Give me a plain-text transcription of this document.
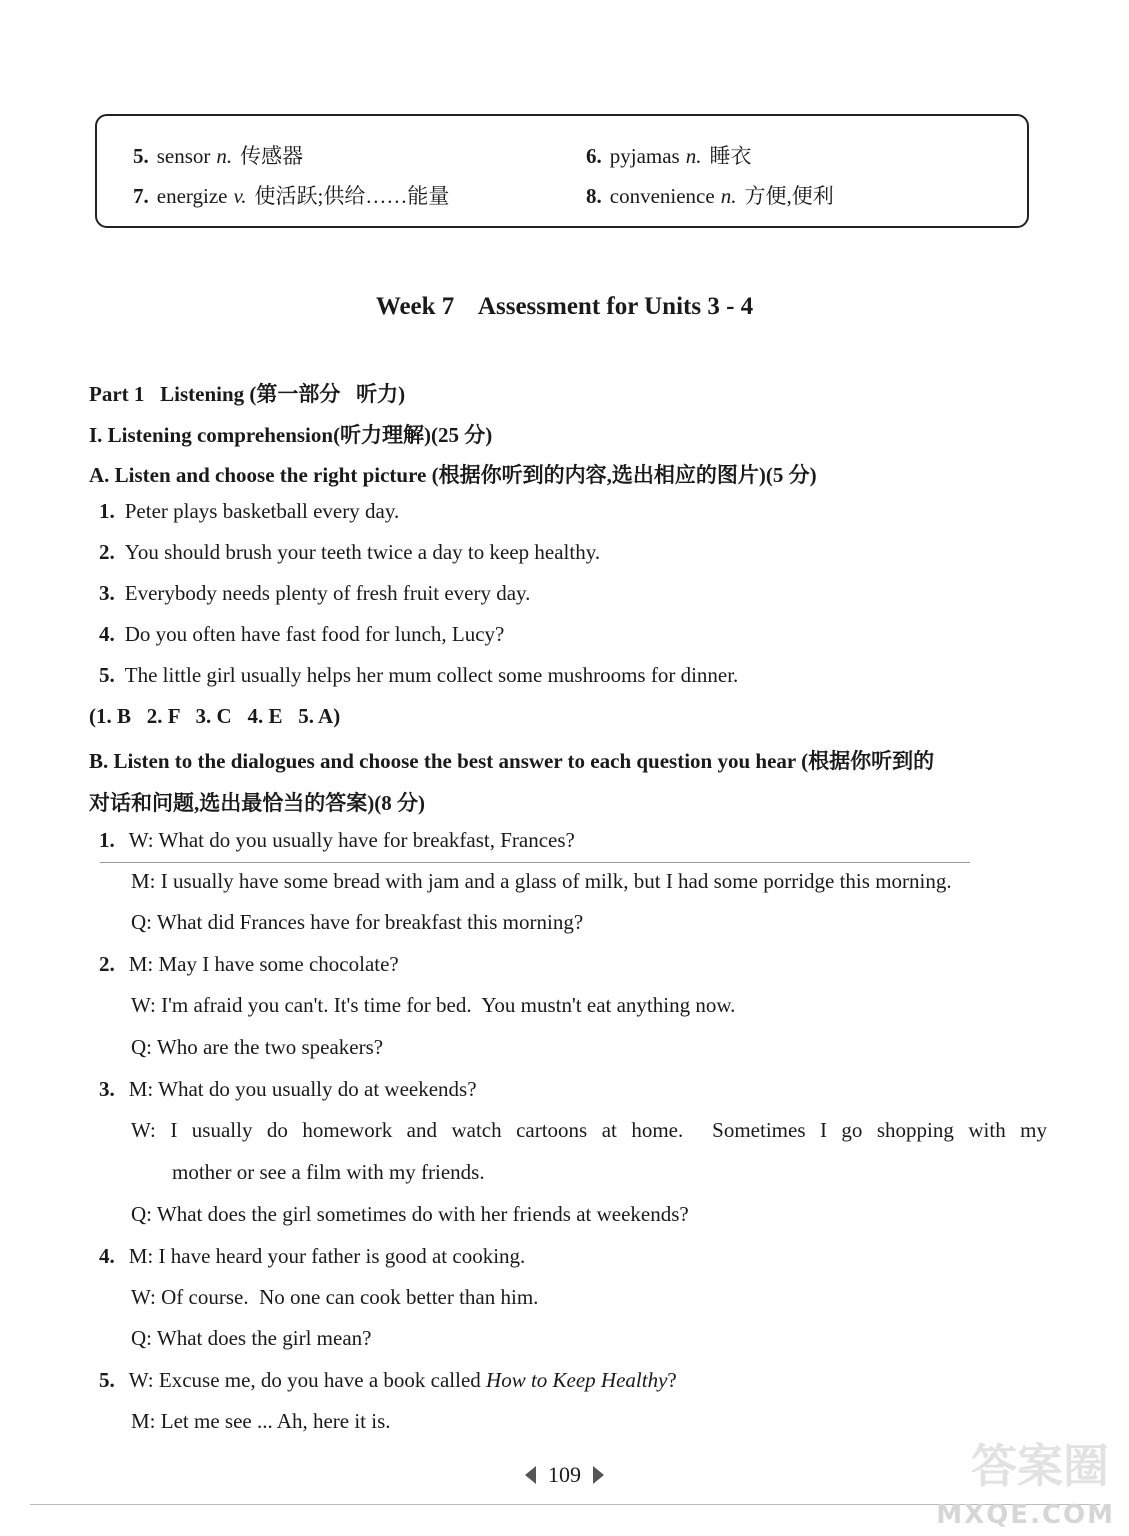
5. sensor n. 传感器	6. pyjamas n. 睡衣
7. energize v. 使活跃;供给……能量	8. convenience n. 方便,便利
Week 7    Assessment for Units 3 - 4
Part 1   Listening (第一部分   听力)
I. Listening comprehension(听力理解)(25 分)
A. Listen and choose the right picture (根据你听到的内容,选出相应的图片)(5 分)
1. Peter plays basketball every day.
2. You should brush your teeth twice a day to keep healthy.
3. Everybody needs plenty of fresh fruit every day.
4. Do you often have fast food for lunch, Lucy?
5. The little girl usually helps her mum collect some mushrooms for dinner.
(1. B   2. F   3. C   4. E   5. A)
B. Listen to the dialogues and choose the best answer to each question you hear (根据你听到的
对话和问题,选出最恰当的答案)(8 分)
1. W: What do you usually have for breakfast, Frances?
M: I usually have some bread with jam and a glass of milk, but I had some porridge this morning.
Q: What did Frances have for breakfast this morning?
2. M: May I have some chocolate?
W: I'm afraid you can't. It's time for bed.  You mustn't eat anything now.
Q: Who are the two speakers?
3. M: What do you usually do at weekends?
W: I usually do homework and watch cartoons at home.  Sometimes I go shopping with my
mother or see a film with my friends.
Q: What does the girl sometimes do with her friends at weekends?
4. M: I have heard your father is good at cooking.
W: Of course.  No one can cook better than him.
Q: What does the girl mean?
5. W: Excuse me, do you have a book called How to Keep Healthy?
M: Let me see ... Ah, here it is.
109	答案圈
MXQE.COM
